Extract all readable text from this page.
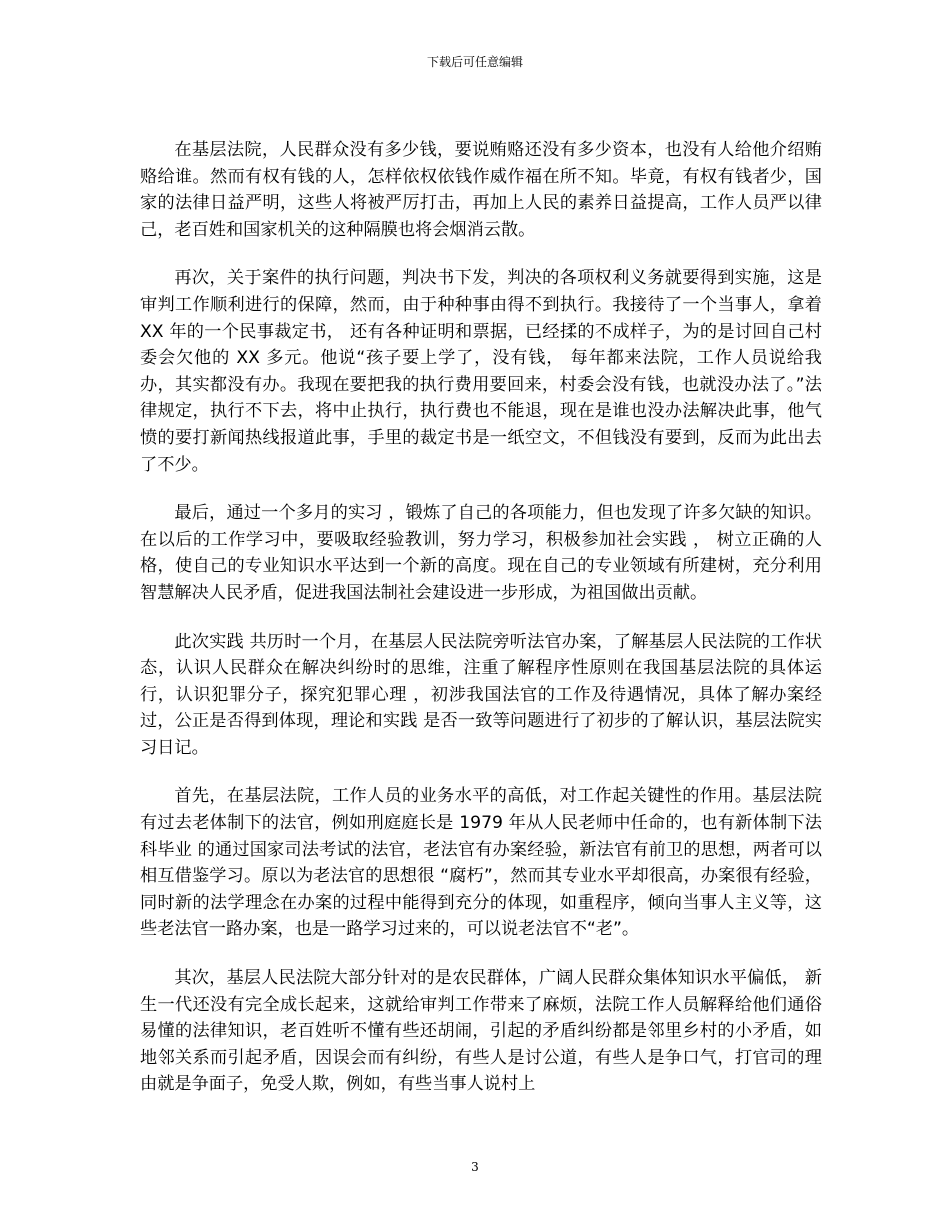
下载后可任意编辑

在基层法院，人民群众没有多少钱，要说贿赂还没有多少资本，也没有人给他介绍贿赂给谁。然而有权有钱的人，怎样依权依钱作威作福在所不知。毕竟，有权有钱者少，国家的法律日益严明，这些人将被严厉打击，再加上人民的素养日益提高，工作人员严以律己，老百姓和国家机关的这种隔膜也将会烟消云散。

再次，关于案件的执行问题，判决书下发，判决的各项权利义务就要得到实施，这是审判工作顺利进行的保障，然而，由于种种事由得不到执行。我接待了一个当事人，拿着 XX 年的一个民事裁定书， 还有各种证明和票据，已经揉的不成样子，为的是讨回自己村委会欠他的 XX 多元。他说“孩子要上学了，没有钱， 每年都来法院，工作人员说给我办，其实都没有办。我现在要把我的执行费用要回来，村委会没有钱，也就没办法了。”法律规定，执行不下去，将中止执行，执行费也不能退，现在是谁也没办法解决此事，他气愤的要打新闻热线报道此事，手里的裁定书是一纸空文，不但钱没有要到，反而为此出去了不少。

最后，通过一个多月的实习 ，锻炼了自己的各项能力，但也发现了许多欠缺的知识。在以后的工作学习中，要吸取经验教训，努力学习，积极参加社会实践 ， 树立正确的人格，使自己的专业知识水平达到一个新的高度。现在自己的专业领域有所建树，充分利用智慧解决人民矛盾，促进我国法制社会建设进一步形成，为祖国做出贡献。

此次实践 共历时一个月，在基层人民法院旁听法官办案，了解基层人民法院的工作状态，认识人民群众在解决纠纷时的思维，注重了解程序性原则在我国基层法院的具体运行，认识犯罪分子，探究犯罪心理 ，初涉我国法官的工作及待遇情况，具体了解办案经过，公正是否得到体现，理论和实践 是否一致等问题进行了初步的了解认识，基层法院实习日记。

首先，在基层法院，工作人员的业务水平的高低，对工作起关键性的作用。基层法院有过去老体制下的法官，例如刑庭庭长是 1979 年从人民老师中任命的，也有新体制下法科毕业 的通过国家司法考试的法官，老法官有办案经验，新法官有前卫的思想，两者可以相互借鉴学习。原以为老法官的思想很 “腐朽”，然而其专业水平却很高，办案很有经验，同时新的法学理念在办案的过程中能得到充分的体现，如重程序，倾向当事人主义等，这些老法官一路办案，也是一路学习过来的，可以说老法官不“老”。

其次，基层人民法院大部分针对的是农民群体，广阔人民群众集体知识水平偏低， 新生一代还没有完全成长起来，这就给审判工作带来了麻烦，法院工作人员解释给他们通俗易懂的法律知识，老百姓听不懂有些还胡闹，引起的矛盾纠纷都是邻里乡村的小矛盾，如地邻关系而引起矛盾，因误会而有纠纷，有些人是讨公道，有些人是争口气，打官司的理由就是争面子，免受人欺，例如，有些当事人说村上

3
